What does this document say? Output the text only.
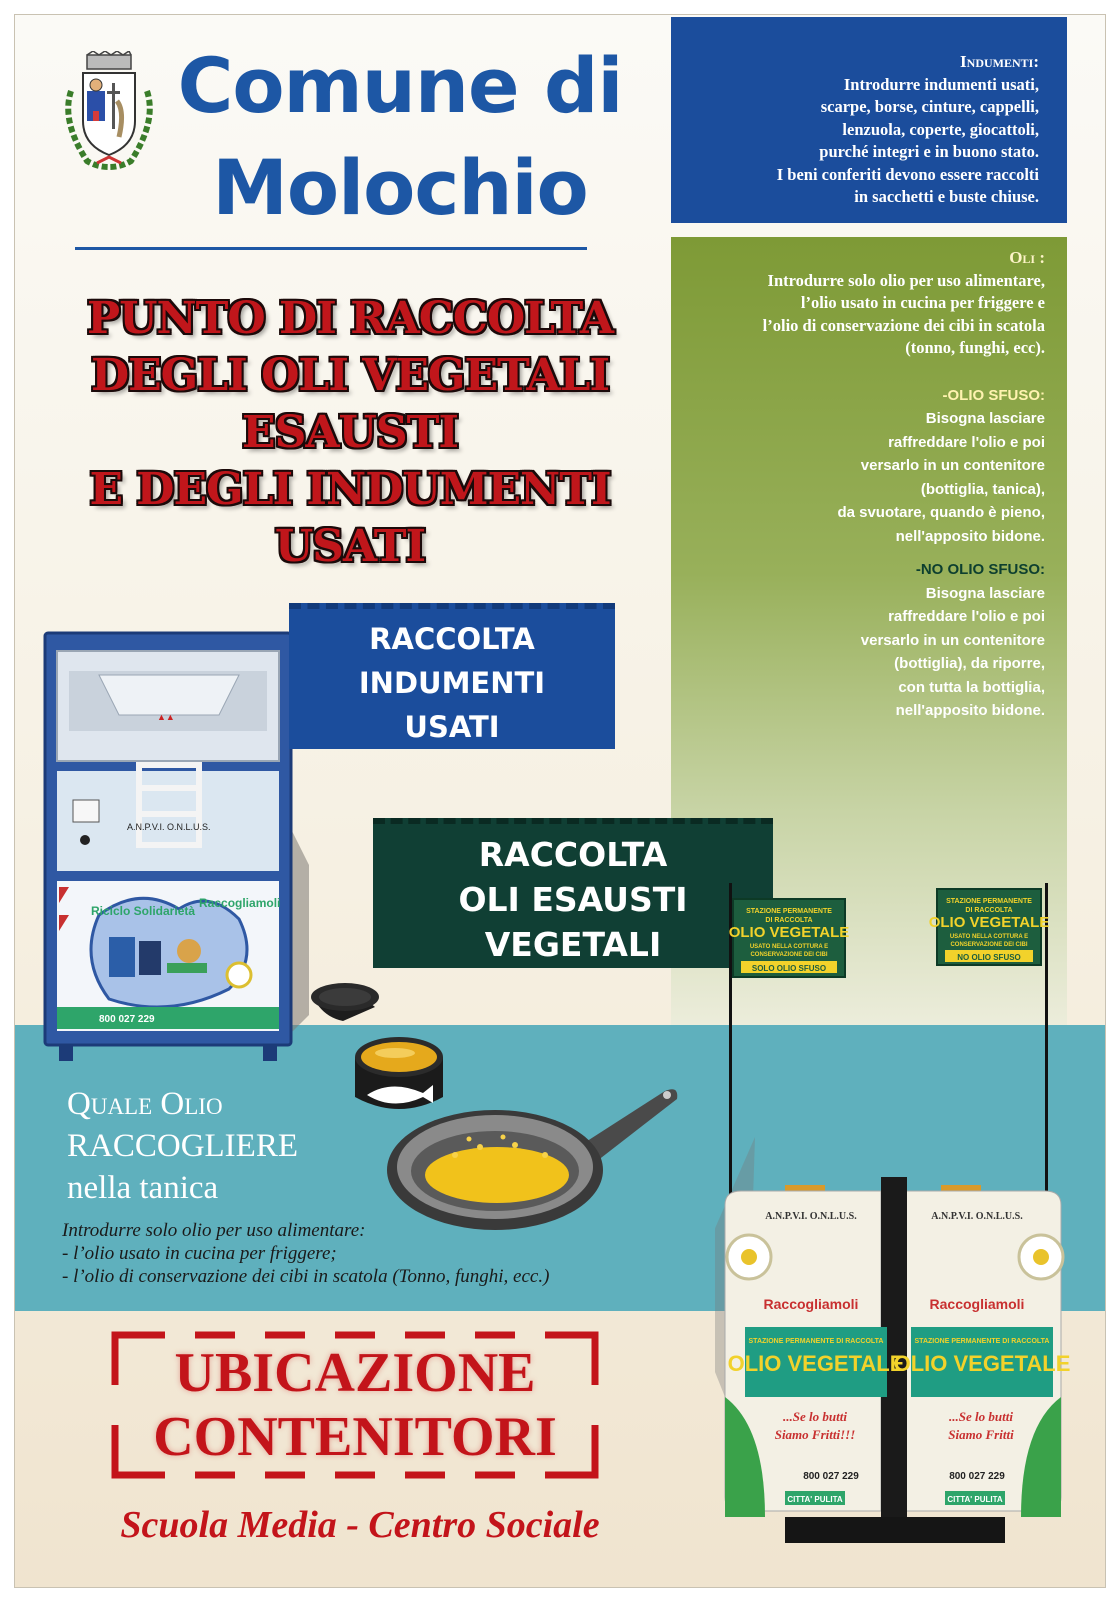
Comune di
Molochio
PUNTO DI RACCOLTA
DEGLI OLI VEGETALI
ESAUSTI
E DEGLI INDUMENTI
USATI
Indumenti:
Introdurre indumenti usati,
scarpe, borse, cinture, cappelli,
lenzuola, coperte, giocattoli,
purché integri e in buono stato.
I beni conferiti devono essere raccolti
in sacchetti e buste chiuse.
Oli :
Introdurre solo olio per uso alimentare,
l’olio usato in cucina per friggere e
l’olio di conservazione dei cibi in scatola
(tonno, funghi, ecc).
-OLIO SFUSO:
Bisogna lasciare
raffreddare l'olio e poi
versarlo in un contenitore
(bottiglia, tanica),
da svuotare, quando è pieno,
nell'apposito bidone.
-NO OLIO SFUSO:
Bisogna lasciare
raffreddare l'olio e poi
versarlo in un contenitore
(bottiglia), da riporre,
con tutta la bottiglia,
nell'apposito bidone.
▲▲
A.N.P.V.I. O.N.L.U.S.
Riciclo Solidarietà
Raccogliamoli
800 027 229
RACCOLTA
INDUMENTI
USATI
RACCOLTA
OLI ESAUSTI
VEGETALI
Quale Olio
RACCOGLIERE
nella tanica
Introdurre solo olio per uso alimentare:
- l’olio usato in cucina per friggere;
- l’olio di conservazione dei cibi in scatola (Tonno, funghi, ecc.)
STAZIONE PERMANENTE
DI RACCOLTA
OLIO VEGETALE
USATO NELLA COTTURA E
CONSERVAZIONE DEI CIBI
SOLO OLIO SFUSO
STAZIONE PERMANENTE
DI RACCOLTA
OLIO VEGETALE
USATO NELLA COTTURA E
CONSERVAZIONE DEI CIBI
NO OLIO SFUSO
A.N.P.V.I. O.N.L.U.S.	A.N.P.V.I. O.N.L.U.S.
Raccogliamoli	Raccogliamoli
STAZIONE PERMANENTE DI RACCOLTA	STAZIONE PERMANENTE DI RACCOLTA
OLIO VEGETALE
OLIO VEGETALE
...Se lo butti
Siamo Fritti!!!
...Se lo butti
Siamo Fritti
800 027 229	800 027 229
CITTA' PULITA	CITTA' PULITA
UBICAZIONE
CONTENITORI
Scuola Media - Centro Sociale
